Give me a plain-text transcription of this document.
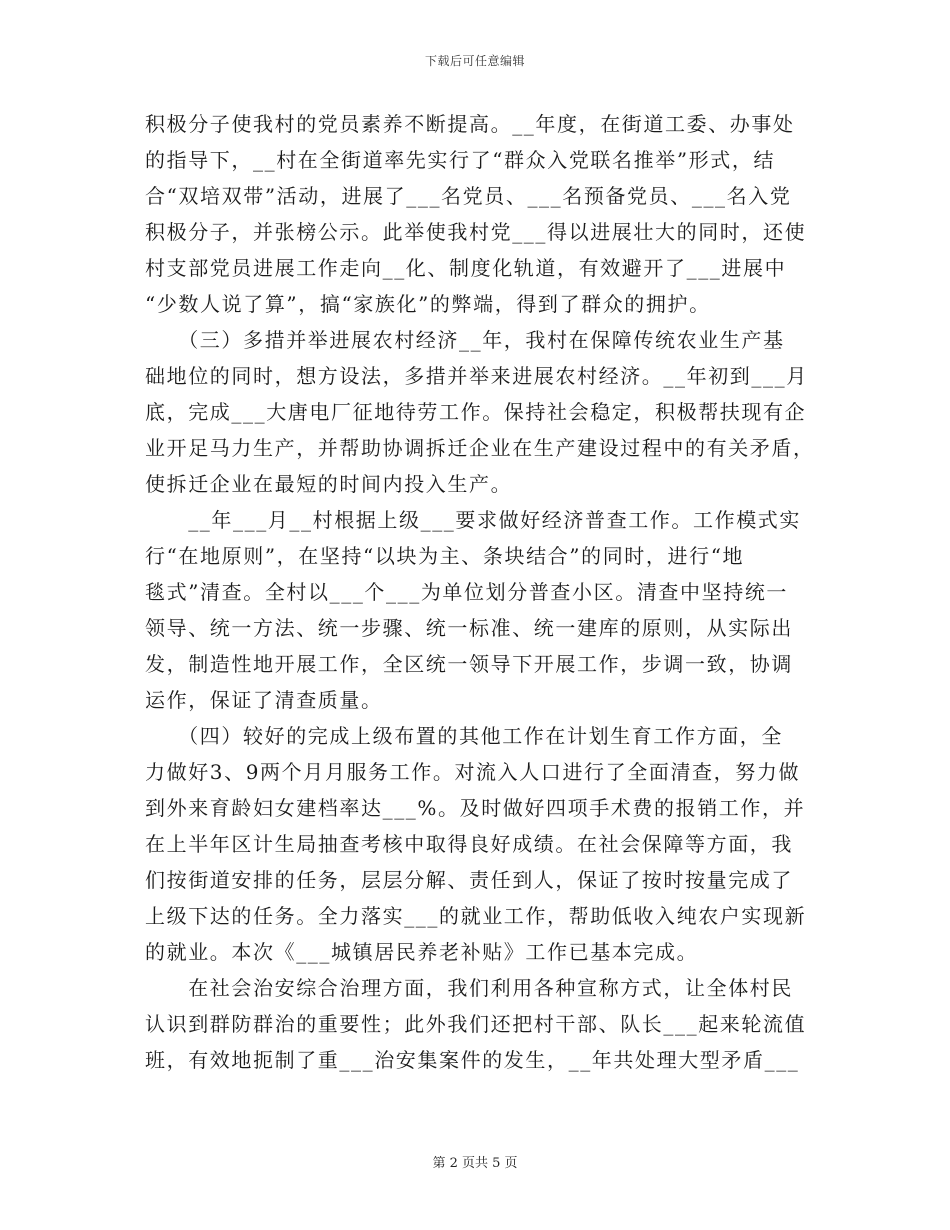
下载后可任意编辑
积极分子使我村的党员素养不断提高。__年度，在街道工委、办事处
的指导下，__村在全街道率先实行了“群众入党联名推举”形式，结
合“双培双带”活动，进展了___名党员、___名预备党员、___名入党
积极分子，并张榜公示。此举使我村党___得以进展壮大的同时，还使
村支部党员进展工作走向__化、制度化轨道，有效避开了___进展中
“少数人说了算”，搞“家族化”的弊端，得到了群众的拥护。
　　（三）多措并举进展农村经济__年，我村在保障传统农业生产基
础地位的同时，想方设法，多措并举来进展农村经济。__年初到___月
底，完成___大唐电厂征地待劳工作。保持社会稳定，积极帮扶现有企
业开足马力生产，并帮助协调拆迁企业在生产建设过程中的有关矛盾，
使拆迁企业在最短的时间内投入生产。
　　__年___月__村根据上级___要求做好经济普查工作。工作模式实
行“在地原则”，在坚持“以块为主、条块结合”的同时，进行“地
毯式”清查。全村以___个___为单位划分普查小区。清查中坚持统一
领导、统一方法、统一步骤、统一标准、统一建库的原则，从实际出
发，制造性地开展工作，全区统一领导下开展工作，步调一致，协调
运作，保证了清查质量。
　　（四）较好的完成上级布置的其他工作在计划生育工作方面，全
力做好3、9两个月月服务工作。对流入人口进行了全面清查，努力做
到外来育龄妇女建档率达___%。及时做好四项手术费的报销工作，并
在上半年区计生局抽查考核中取得良好成绩。在社会保障等方面，我
们按街道安排的任务，层层分解、责任到人，保证了按时按量完成了
上级下达的任务。全力落实___的就业工作，帮助低收入纯农户实现新
的就业。本次《___城镇居民养老补贴》工作已基本完成。
　　在社会治安综合治理方面，我们利用各种宣称方式，让全体村民
认识到群防群治的重要性；此外我们还把村干部、队长___起来轮流值
班，有效地扼制了重___治安集案件的发生，__年共处理大型矛盾___
第 2 页共 5 页
